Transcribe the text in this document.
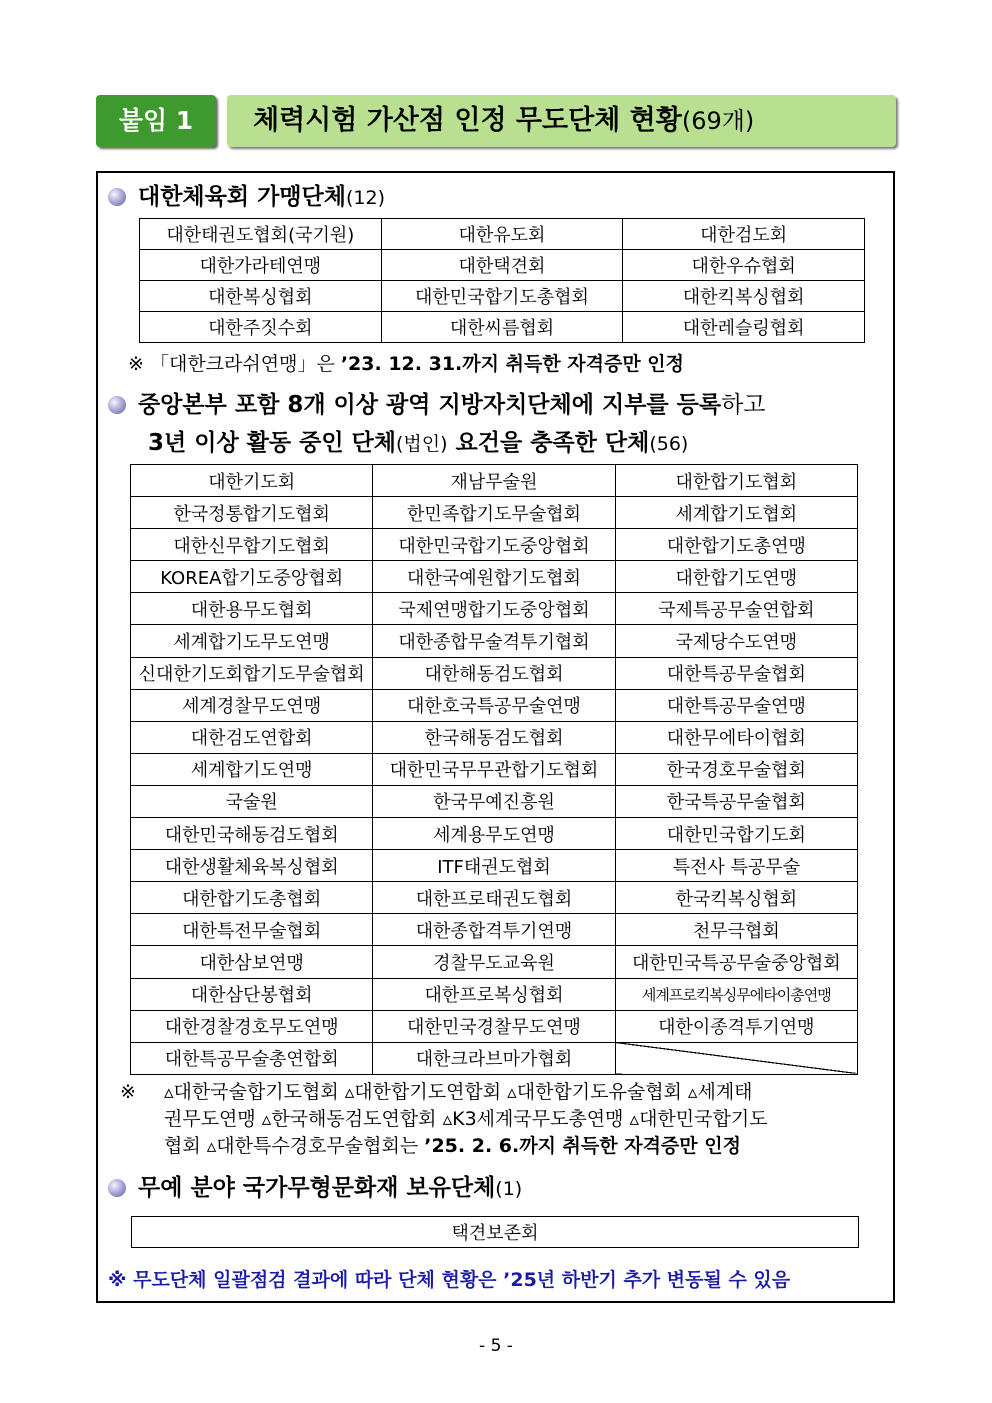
붙임 1	체력시험 가산점 인정 무도단체 현황(69개)
대한체육회 가맹단체(12)
대한태권도협회(국기원)	대한유도회	대한검도회
대한가라테연맹	대한택견회	대한우슈협회
대한복싱협회	대한민국합기도총협회	대한킥복싱협회
대한주짓수회	대한씨름협회	대한레슬링협회
※ 「대한크라쉬연맹」은 ’23. 12. 31.까지 취득한 자격증만 인정
중앙본부 포함 8개 이상 광역 지방자치단체에 지부를 등록하고
3년 이상 활동 중인 단체(법인) 요건을 충족한 단체(56)
대한기도회	재남무술원	대한합기도협회
한국정통합기도협회	한민족합기도무술협회	세계합기도협회
대한신무합기도협회	대한민국합기도중앙협회	대한합기도총연맹
KOREA합기도중앙협회	대한국예원합기도협회	대한합기도연맹
대한용무도협회	국제연맹합기도중앙협회	국제특공무술연합회
세계합기도무도연맹	대한종합무술격투기협회	국제당수도연맹
신대한기도회합기도무술협회	대한해동검도협회	대한특공무술협회
세계경찰무도연맹	대한호국특공무술연맹	대한특공무술연맹
대한검도연합회	한국해동검도협회	대한무에타이협회
세계합기도연맹	대한민국무무관합기도협회	한국경호무술협회
국술원	한국무예진흥원	한국특공무술협회
대한민국해동검도협회	세계용무도연맹	대한민국합기도회
대한생활체육복싱협회	ITF태권도협회	특전사 특공무술
대한합기도총협회	대한프로태권도협회	한국킥복싱협회
대한특전무술협회	대한종합격투기연맹	천무극협회
대한삼보연맹	경찰무도교육원	대한민국특공무술중앙협회
대한삼단봉협회	대한프로복싱협회	세계프로킥복싱무에타이총연맹
대한경찰경호무도연맹	대한민국경찰무도연맹	대한이종격투기연맹
대한특공무술총연합회	대한크라브마가협회	
※ ▵대한국술합기도협회 ▵대한합기도연합회 ▵대한합기도유술협회 ▵세계태
권무도연맹 ▵한국해동검도연합회 ▵K3세계국무도총연맹 ▵대한민국합기도
협회 ▵대한특수경호무술협회는 ’25. 2. 6.까지 취득한 자격증만 인정
무예 분야 국가무형문화재 보유단체(1)
택견보존회
※ 무도단체 일괄점검 결과에 따라 단체 현황은 ’25년 하반기 추가 변동될 수 있음
- 5 -
